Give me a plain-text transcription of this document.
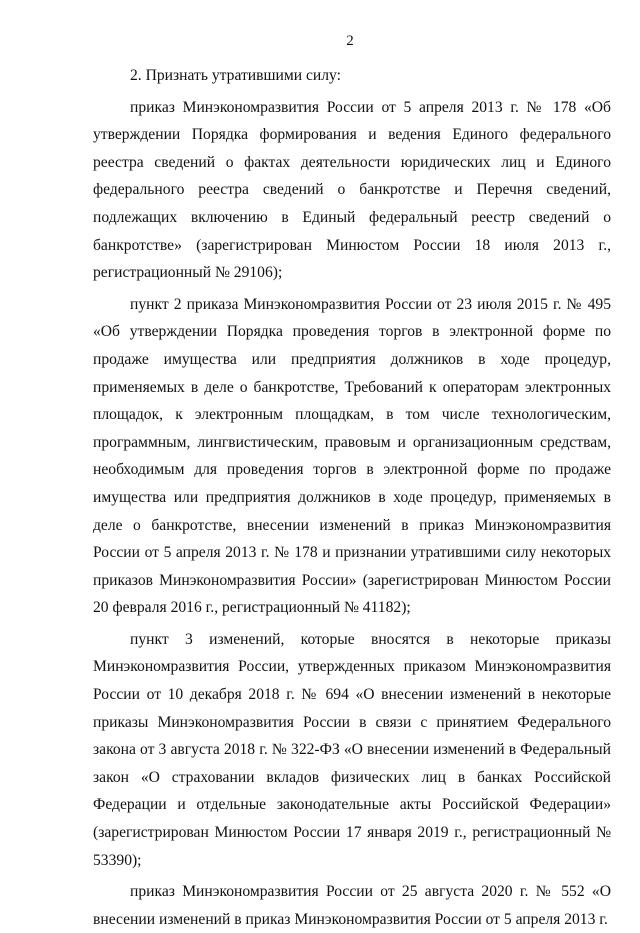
2

2. Признать утратившими силу:

приказ Минэкономразвития России от 5 апреля 2013 г. № 178 «Об утверждении Порядка формирования и ведения Единого федерального реестра сведений о фактах деятельности юридических лиц и Единого федерального реестра сведений о банкротстве и Перечня сведений, подлежащих включению в Единый федеральный реестр сведений о банкротстве» (зарегистрирован Минюстом России 18 июля 2013 г., регистрационный № 29106);

пункт 2 приказа Минэкономразвития России от 23 июля 2015 г. № 495 «Об утверждении Порядка проведения торгов в электронной форме по продаже имущества или предприятия должников в ходе процедур, применяемых в деле о банкротстве, Требований к операторам электронных площадок, к электронным площадкам, в том числе технологическим, программным, лингвистическим, правовым и организационным средствам, необходимым для проведения торгов в электронной форме по продаже имущества или предприятия должников в ходе процедур, применяемых в деле о банкротстве, внесении изменений в приказ Минэкономразвития России от 5 апреля 2013 г. № 178 и признании утратившими силу некоторых приказов Минэкономразвития России» (зарегистрирован Минюстом России 20 февраля 2016 г., регистрационный № 41182);

пункт 3 изменений, которые вносятся в некоторые приказы Минэкономразвития России, утвержденных приказом Минэкономразвития России от 10 декабря 2018 г. № 694 «О внесении изменений в некоторые приказы Минэкономразвития России в связи с принятием Федерального закона от 3 августа 2018 г. № 322-ФЗ «О внесении изменений в Федеральный закон «О страховании вкладов физических лиц в банках Российской Федерации и отдельные законодательные акты Российской Федерации» (зарегистрирован Минюстом России 17 января 2019 г., регистрационный № 53390);

приказ Минэкономразвития России от 25 августа 2020 г. № 552 «О внесении изменений в приказ Минэкономразвития России от 5 апреля 2013 г.
